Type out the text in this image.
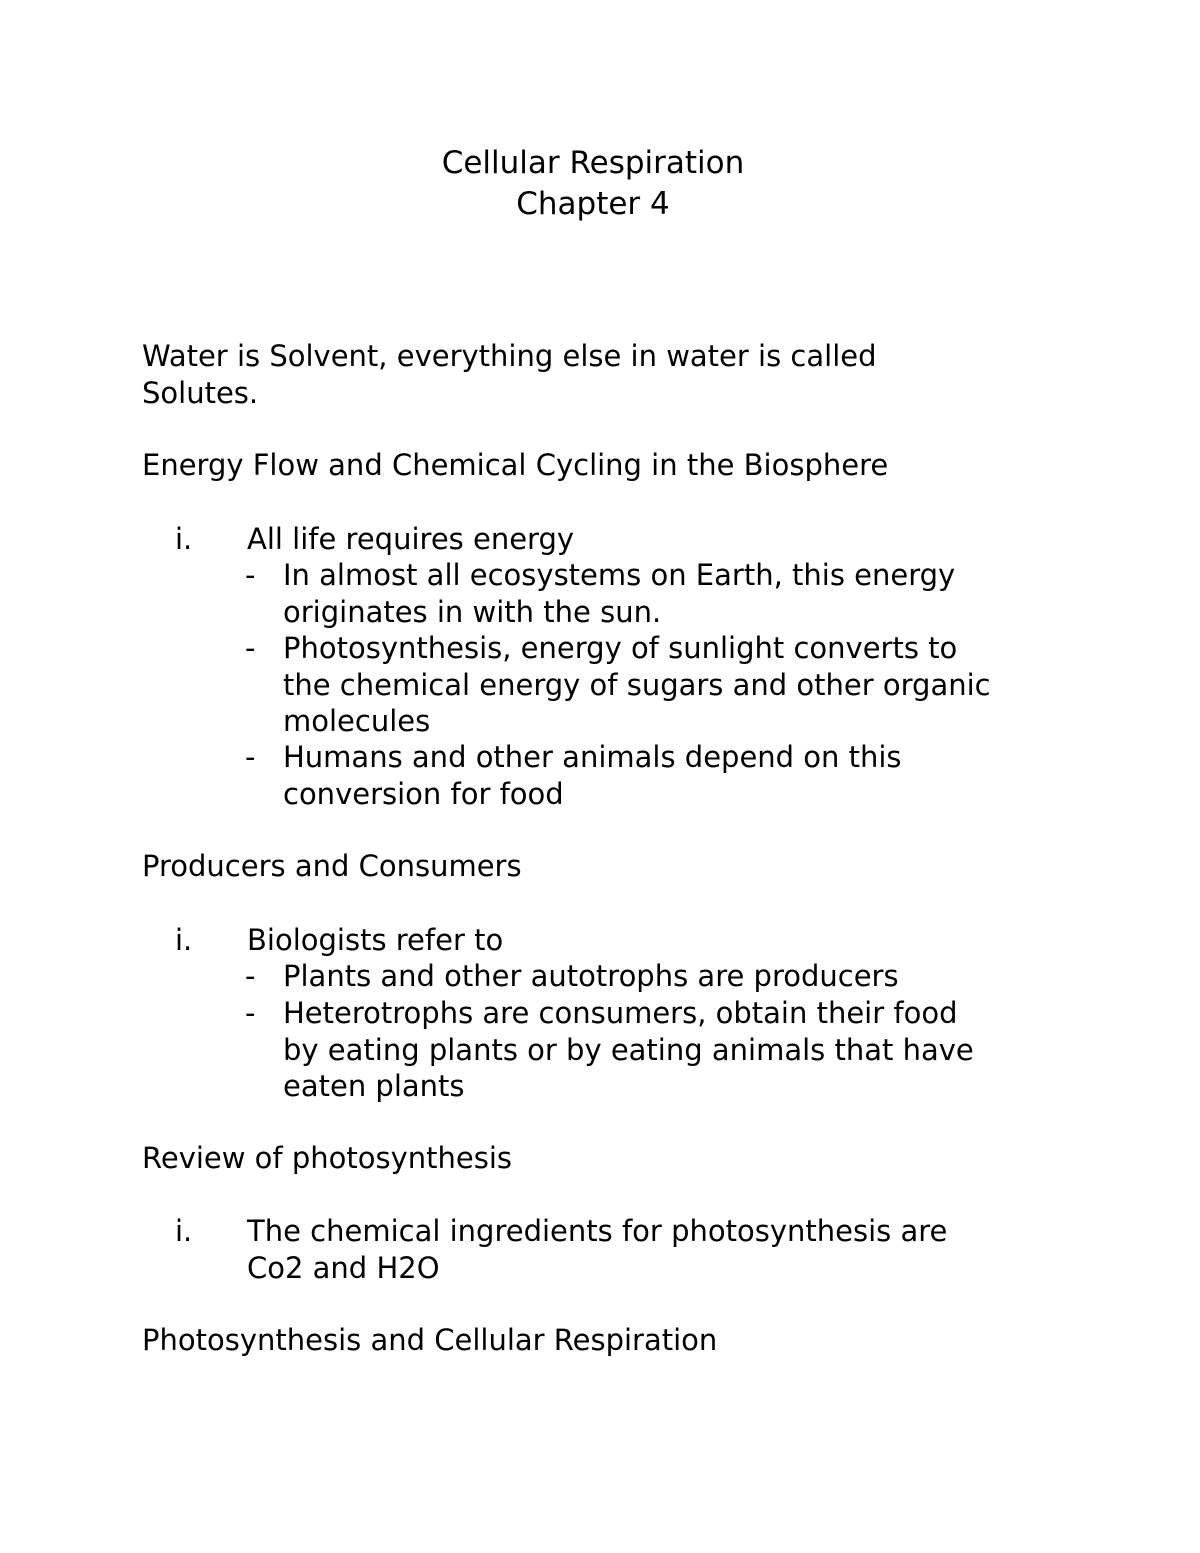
Cellular Respiration
Chapter 4
Water is Solvent, everything else in water is called
Solutes.
Energy Flow and Chemical Cycling in the Biosphere
i. All life requires energy
- In almost all ecosystems on Earth, this energy
originates in with the sun.
- Photosynthesis, energy of sunlight converts to
the chemical energy of sugars and other organic
molecules
- Humans and other animals depend on this
conversion for food
Producers and Consumers
i. Biologists refer to
- Plants and other autotrophs are producers
- Heterotrophs are consumers, obtain their food
by eating plants or by eating animals that have
eaten plants
Review of photosynthesis
i. The chemical ingredients for photosynthesis are
Co2 and H2O
Photosynthesis and Cellular Respiration
